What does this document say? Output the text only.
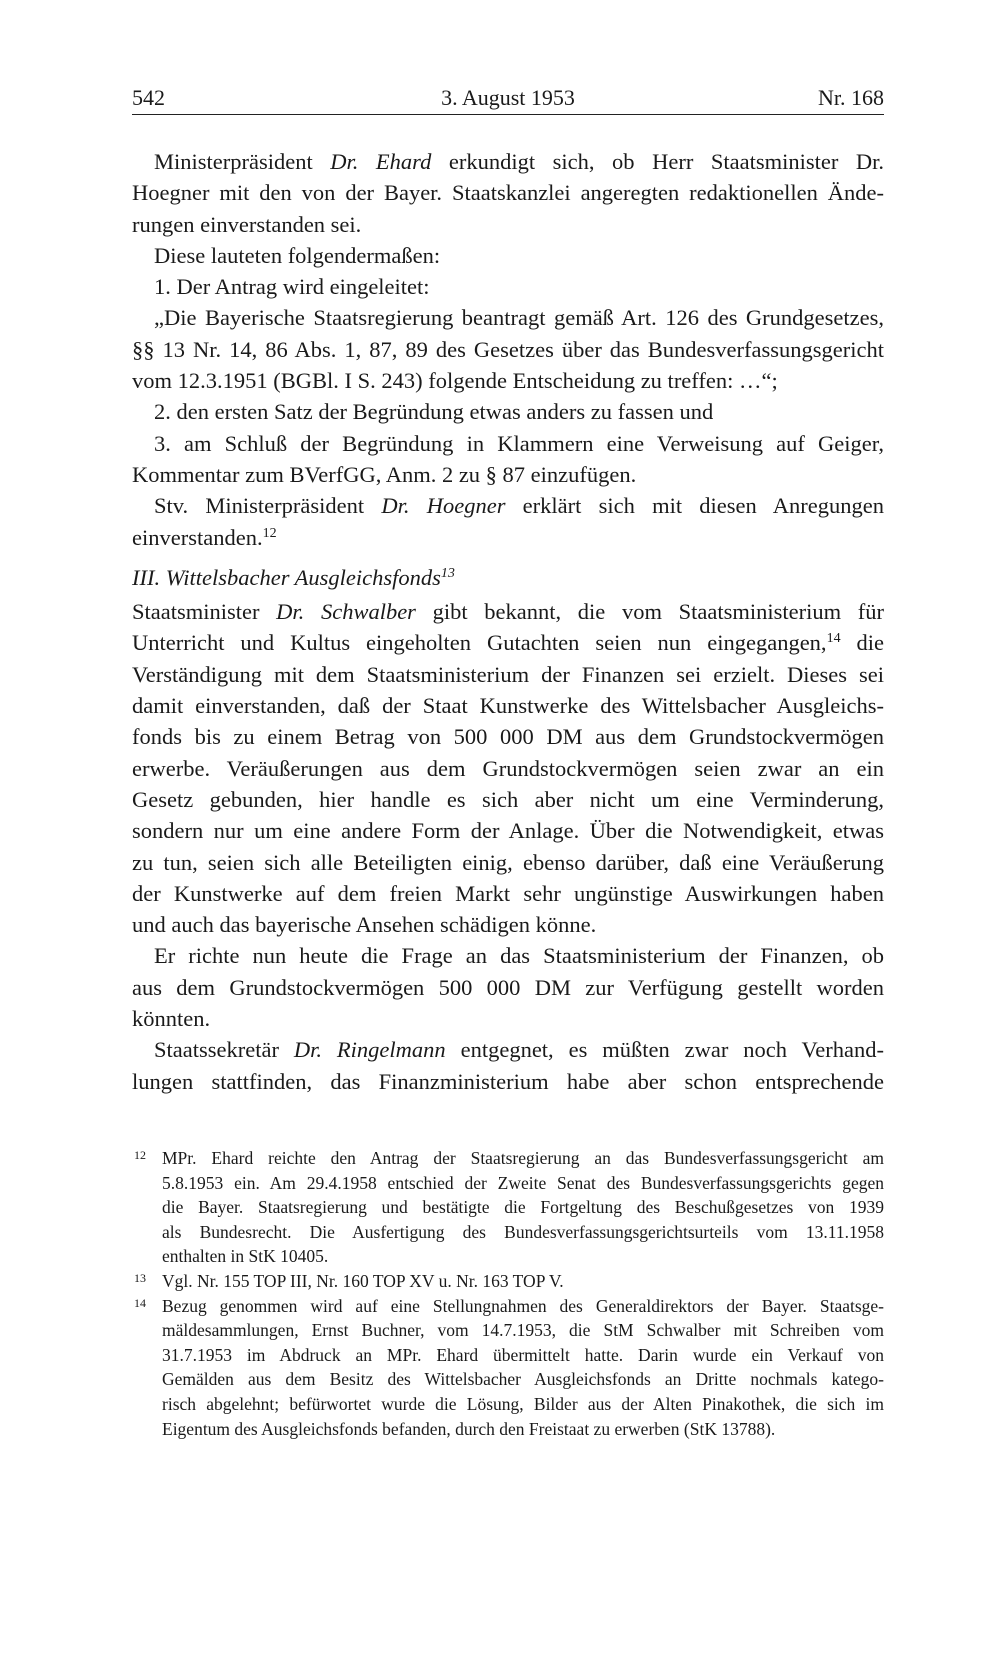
542	3. August 1953	Nr. 168

Ministerpräsident Dr. Ehard erkundigt sich, ob Herr Staatsminister Dr.
Hoegner mit den von der Bayer. Staatskanzlei angeregten redaktionellen Ände-
rungen einverstanden sei.

Diese lauteten folgendermaßen:

1. Der Antrag wird eingeleitet:

„Die Bayerische Staatsregierung beantragt gemäß Art. 126 des Grundgesetzes,
§§ 13 Nr. 14, 86 Abs. 1, 87, 89 des Gesetzes über das Bundesverfassungsgericht
vom 12.3.1951 (BGBl. I S. 243) folgende Entscheidung zu treffen: …“;

2. den ersten Satz der Begründung etwas anders zu fassen und

3. am Schluß der Begründung in Klammern eine Verweisung auf Geiger,
Kommentar zum BVerfGG, Anm. 2 zu § 87 einzufügen.

Stv. Ministerpräsident Dr. Hoegner erklärt sich mit diesen Anregungen
einverstanden.$^{12}$

III. Wittelsbacher Ausgleichsfonds$^{13}$

Staatsminister Dr. Schwalber gibt bekannt, die vom Staatsministerium für
Unterricht und Kultus eingeholten Gutachten seien nun eingegangen,$^{14}$ die
Verständigung mit dem Staatsministerium der Finanzen sei erzielt. Dieses sei
damit einverstanden, daß der Staat Kunstwerke des Wittelsbacher Ausgleichs-
fonds bis zu einem Betrag von 500 000 DM aus dem Grundstockvermögen
erwerbe. Veräußerungen aus dem Grundstockvermögen seien zwar an ein
Gesetz gebunden, hier handle es sich aber nicht um eine Verminderung,
sondern nur um eine andere Form der Anlage. Über die Notwendigkeit, etwas
zu tun, seien sich alle Beteiligten einig, ebenso darüber, daß eine Veräußerung
der Kunstwerke auf dem freien Markt sehr ungünstige Auswirkungen haben
und auch das bayerische Ansehen schädigen könne.

Er richte nun heute die Frage an das Staatsministerium der Finanzen, ob
aus dem Grundstockvermögen 500 000 DM zur Verfügung gestellt worden
könnten.

Staatssekretär Dr. Ringelmann entgegnet, es müßten zwar noch Verhand-
lungen stattfinden, das Finanzministerium habe aber schon entsprechende

12 MPr. Ehard reichte den Antrag der Staatsregierung an das Bundesverfassungsgericht am
5.8.1953 ein. Am 29.4.1958 entschied der Zweite Senat des Bundesverfassungsgerichts gegen
die Bayer. Staatsregierung und bestätigte die Fortgeltung des Beschußgesetzes von 1939
als Bundesrecht. Die Ausfertigung des Bundesverfassungsgerichtsurteils vom 13.11.1958
enthalten in StK 10405.

13 Vgl. Nr. 155 TOP III, Nr. 160 TOP XV u. Nr. 163 TOP V.

14 Bezug genommen wird auf eine Stellungnahmen des Generaldirektors der Bayer. Staatsge-
mäldesammlungen, Ernst Buchner, vom 14.7.1953, die StM Schwalber mit Schreiben vom
31.7.1953 im Abdruck an MPr. Ehard übermittelt hatte. Darin wurde ein Verkauf von
Gemälden aus dem Besitz des Wittelsbacher Ausgleichsfonds an Dritte nochmals katego-
risch abgelehnt; befürwortet wurde die Lösung, Bilder aus der Alten Pinakothek, die sich im
Eigentum des Ausgleichsfonds befanden, durch den Freistaat zu erwerben (StK 13788).
